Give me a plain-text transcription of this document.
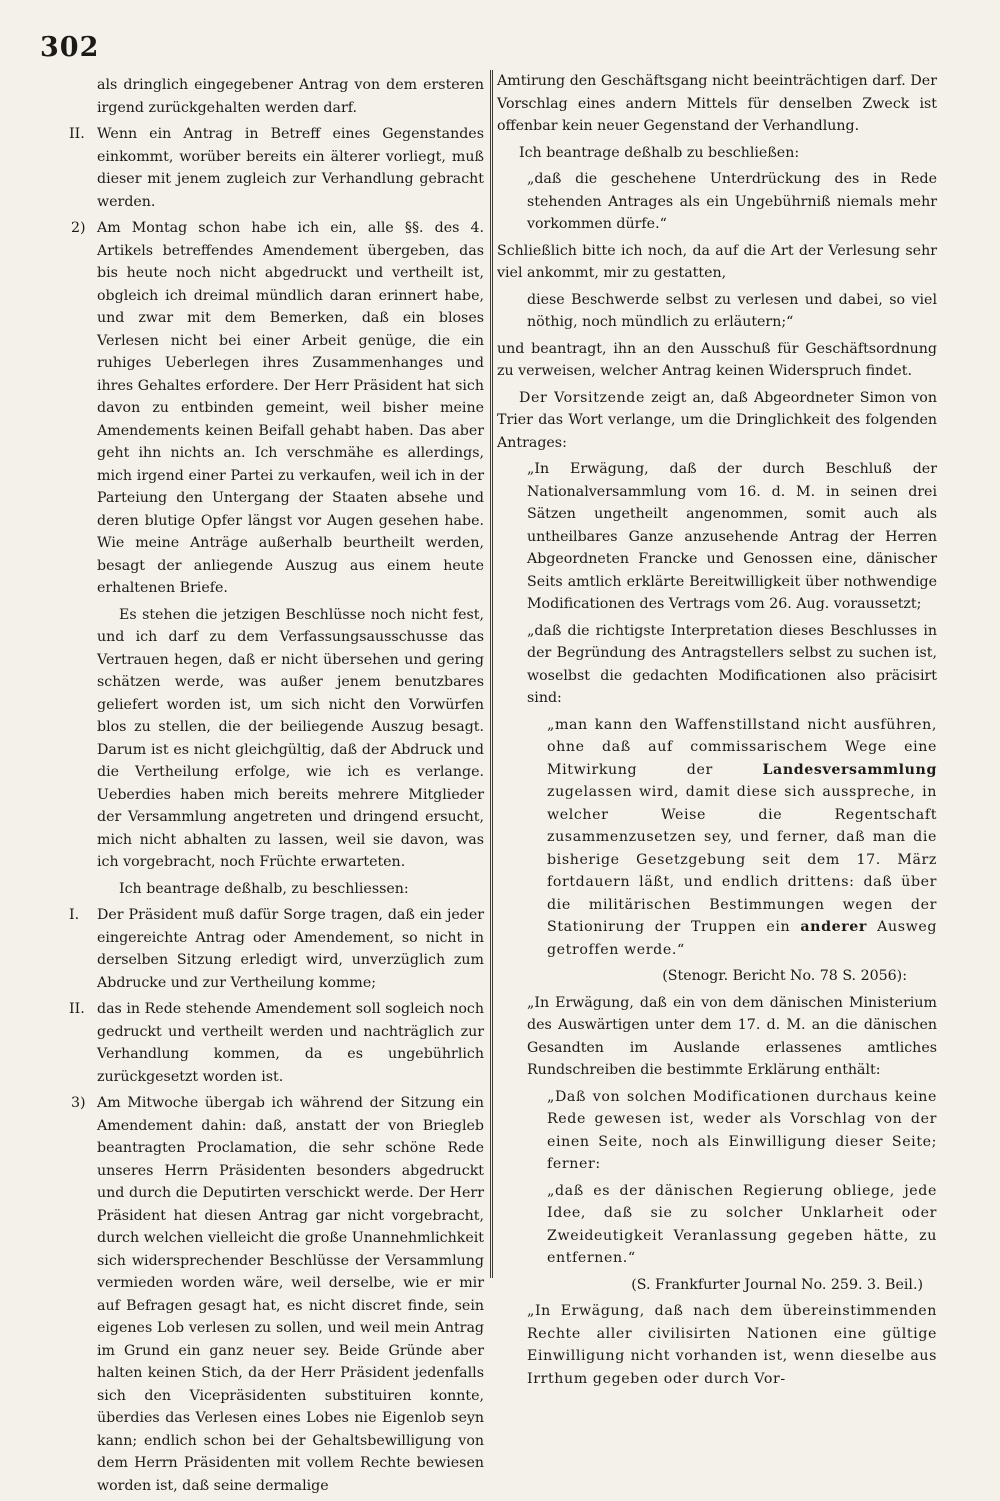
302

als dringlich eingegebener Antrag von dem ersteren irgend zurückgehalten werden darf.

II. Wenn ein Antrag in Betreff eines Gegenstandes einkommt, worüber bereits ein älterer vorliegt, muß dieser mit jenem zugleich zur Verhandlung gebracht werden.
2) Am Montag schon habe ich ein, alle §§. des 4. Artikels betreffendes Amendement übergeben, das bis heute noch nicht abgedruckt und vertheilt ist, obgleich ich dreimal mündlich daran erinnert habe, und zwar mit dem Bemerken, daß ein bloses Verlesen nicht bei einer Arbeit genüge, die ein ruhiges Ueberlegen ihres Zusammenhanges und ihres Gehaltes erfordere. Der Herr Präsident hat sich davon zu entbinden gemeint, weil bisher meine Amendements keinen Beifall gehabt haben. Das aber geht ihn nichts an. Ich verschmähe es allerdings, mich irgend einer Partei zu verkaufen, weil ich in der Parteiung den Untergang der Staaten absehe und deren blutige Opfer längst vor Augen gesehen habe. Wie meine Anträge außerhalb beurtheilt werden, besagt der anliegende Auszug aus einem heute erhaltenen Briefe.

Es stehen die jetzigen Beschlüsse noch nicht fest, und ich darf zu dem Verfassungsausschusse das Vertrauen hegen, daß er nicht übersehen und gering schätzen werde, was außer jenem benutzbares geliefert worden ist, um sich nicht den Vorwürfen blos zu stellen, die der beiliegende Auszug besagt. Darum ist es nicht gleichgültig, daß der Abdruck und die Vertheilung erfolge, wie ich es verlange. Ueberdies haben mich bereits mehrere Mitglieder der Versammlung angetreten und dringend ersucht, mich nicht abhalten zu lassen, weil sie davon, was ich vorgebracht, noch Früchte erwarteten.

Ich beantrage deßhalb, zu beschliessen:

I.	Der Präsident muß dafür Sorge tragen, daß ein jeder eingereichte Antrag oder Amendement, so nicht in derselben Sitzung erledigt wird, unverzüglich zum Abdrucke und zur Vertheilung komme;
II. das in Rede stehende Amendement soll sogleich noch gedruckt und vertheilt werden und nachträglich zur Verhandlung kommen, da es ungebührlich zurückgesetzt worden ist.
3) Am Mitwoche übergab ich während der Sitzung ein Amendement dahin: daß, anstatt der von Briegleb beantragten Proclamation, die sehr schöne Rede unseres Herrn Präsidenten besonders abgedruckt und durch die Deputirten verschickt werde. Der Herr Präsident hat diesen Antrag gar nicht vorgebracht, durch welchen vielleicht die große Unannehmlichkeit sich widersprechender Beschlüsse der Versammlung vermieden worden wäre, weil derselbe, wie er mir auf Befragen gesagt hat, es nicht discret finde, sein eigenes Lob verlesen zu sollen, und weil mein Antrag im Grund ein ganz neuer sey. Beide Gründe aber halten keinen Stich, da der Herr Präsident jedenfalls sich den Vicepräsidenten substituiren konnte, überdies das Verlesen eines Lobes nie Eigenlob seyn kann; endlich schon bei der Gehaltsbewilligung von dem Herrn Präsidenten mit vollem Rechte bewiesen worden ist, daß seine dermalige

Amtirung den Geschäftsgang nicht beeinträchtigen darf. Der Vorschlag eines andern Mittels für denselben Zweck ist offenbar kein neuer Gegenstand der Verhandlung.

Ich beantrage deßhalb zu beschließen:

„daß die geschehene Unterdrückung des in Rede stehenden Antrages als ein Ungebührniß niemals mehr vorkommen dürfe.“

Schließlich bitte ich noch, da auf die Art der Verlesung sehr viel ankommt, mir zu gestatten,

diese Beschwerde selbst zu verlesen und dabei, so viel nöthig, noch mündlich zu erläutern;“

und beantragt, ihn an den Ausschuß für Geschäftsordnung zu verweisen, welcher Antrag keinen Widerspruch findet.

Der Vorsitzende zeigt an, daß Abgeordneter Simon von Trier das Wort verlange, um die Dringlichkeit des folgenden Antrages:

„In Erwägung, daß der durch Beschluß der Nationalversammlung vom 16. d. M. in seinen drei Sätzen ungetheilt angenommen, somit auch als untheilbares Ganze anzusehende Antrag der Herren Abgeordneten Francke und Genossen eine, dänischer Seits amtlich erklärte Bereitwilligkeit über nothwendige Modificationen des Vertrags vom 26. Aug. voraussetzt;

„daß die richtigste Interpretation dieses Beschlusses in der Begründung des Antragstellers selbst zu suchen ist, woselbst die gedachten Modificationen also präcisirt sind:

„man kann den Waffenstillstand nicht ausführen, ohne daß auf commissarischem Wege eine Mitwirkung der Landesversammlung zugelassen wird, damit diese sich ausspreche, in welcher Weise die Regentschaft zusammenzusetzen sey, und ferner, daß man die bisherige Gesetzgebung seit dem 17. März fortdauern läßt, und endlich drittens: daß über die militärischen Bestimmungen wegen der Stationirung der Truppen ein anderer Ausweg getroffen werde.“

(Stenogr. Bericht No. 78 S. 2056):

„In Erwägung, daß ein von dem dänischen Ministerium des Auswärtigen unter dem 17. d. M. an die dänischen Gesandten im Auslande erlassenes amtliches Rundschreiben die bestimmte Erklärung enthält:

„Daß von solchen Modificationen durchaus keine Rede gewesen ist, weder als Vorschlag von der einen Seite, noch als Einwilligung dieser Seite; ferner:

„daß es der dänischen Regierung obliege, jede Idee, daß sie zu solcher Unklarheit oder Zweideutigkeit Veranlassung gegeben hätte, zu entfernen.“

(S. Frankfurter Journal No. 259. 3. Beil.)

„In Erwägung, daß nach dem übereinstimmenden Rechte aller civilisirten Nationen eine gültige Einwilligung nicht vorhanden ist, wenn dieselbe aus Irrthum gegeben oder durch Vor-
